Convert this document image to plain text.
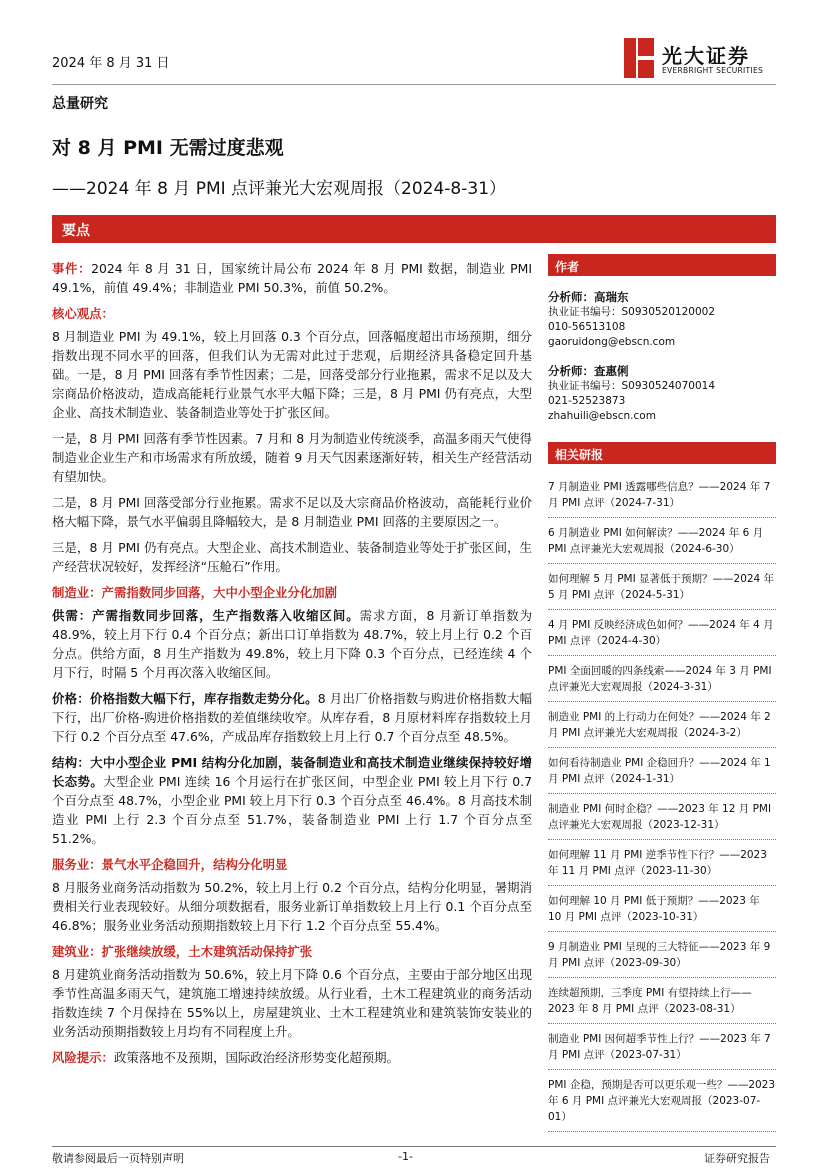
2024 年 8 月 31 日	光大证券
EVERBRIGHT SECURITIES
总量研究
对 8 月 PMI 无需过度悲观
——2024 年 8 月 PMI 点评兼光大宏观周报（2024-8-31）
要点
事件：2024 年 8 月 31 日，国家统计局公布 2024 年 8 月 PMI 数据，制造业 PMI 49.1%，前值 49.4%；非制造业 PMI 50.3%，前值 50.2%。
核心观点：
8 月制造业 PMI 为 49.1%，较上月回落 0.3 个百分点，回落幅度超出市场预期，细分指数出现不同水平的回落，但我们认为无需对此过于悲观，后期经济具备稳定回升基础。一是，8 月 PMI 回落有季节性因素；二是，回落受部分行业拖累，需求不足以及大宗商品价格波动，造成高能耗行业景气水平大幅下降；三是，8 月 PMI 仍有亮点，大型企业、高技术制造业、装备制造业等处于扩张区间。
一是，8 月 PMI 回落有季节性因素。7 月和 8 月为制造业传统淡季，高温多雨天气使得制造业企业生产和市场需求有所放缓，随着 9 月天气因素逐渐好转，相关生产经营活动有望加快。
二是，8 月 PMI 回落受部分行业拖累。需求不足以及大宗商品价格波动，高能耗行业价格大幅下降，景气水平偏弱且降幅较大，是 8 月制造业 PMI 回落的主要原因之一。
三是，8 月 PMI 仍有亮点。大型企业、高技术制造业、装备制造业等处于扩张区间，生产经营状况较好，发挥经济“压舱石”作用。
制造业：产需指数同步回落，大中小型企业分化加剧
供需：产需指数同步回落，生产指数落入收缩区间。需求方面，8 月新订单指数为 48.9%，较上月下行 0.4 个百分点；新出口订单指数为 48.7%，较上月上行 0.2 个百分点。供给方面，8 月生产指数为 49.8%，较上月下降 0.3 个百分点，已经连续 4 个月下行，时隔 5 个月再次落入收缩区间。
价格：价格指数大幅下行，库存指数走势分化。8 月出厂价格指数与购进价格指数大幅下行，出厂价格-购进价格指数的差值继续收窄。从库存看，8 月原材料库存指数较上月下行 0.2 个百分点至 47.6%，产成品库存指数较上月上行 0.7 个百分点至 48.5%。
结构：大中小型企业 PMI 结构分化加剧，装备制造业和高技术制造业继续保持较好增长态势。大型企业 PMI 连续 16 个月运行在扩张区间，中型企业 PMI 较上月下行 0.7 个百分点至 48.7%，小型企业 PMI 较上月下行 0.3 个百分点至 46.4%。8 月高技术制造业 PMI 上行 2.3 个百分点至 51.7%，装备制造业 PMI 上行 1.7 个百分点至 51.2%。
服务业：景气水平企稳回升，结构分化明显
8 月服务业商务活动指数为 50.2%，较上月上行 0.2 个百分点，结构分化明显，暑期消费相关行业表现较好。从细分项数据看，服务业新订单指数较上月上行 0.1 个百分点至 46.8%；服务业业务活动预期指数较上月下行 1.2 个百分点至 55.4%。
建筑业：扩张继续放缓，土木建筑活动保持扩张
8 月建筑业商务活动指数为 50.6%，较上月下降 0.6 个百分点，主要由于部分地区出现季节性高温多雨天气，建筑施工增速持续放缓。从行业看，土木工程建筑业的商务活动指数连续 7 个月保持在 55%以上，房屋建筑业、土木工程建筑业和建筑装饰安装业的业务活动预期指数较上月均有不同程度上升。
风险提示：政策落地不及预期，国际政治经济形势变化超预期。
作者
分析师：高瑞东
执业证书编号：S0930520120002
010-56513108
gaoruidong@ebscn.com
分析师：查惠俐
执业证书编号：S0930524070014
021-52523873
zhahuili@ebscn.com
相关研报
7 月制造业 PMI 透露哪些信息？——2024 年 7 月 PMI 点评（2024-7-31）
6 月制造业 PMI 如何解读？——2024 年 6 月 PMI 点评兼光大宏观周报（2024-6-30）
如何理解 5 月 PMI 显著低于预期？——2024 年 5 月 PMI 点评（2024-5-31）
4 月 PMI 反映经济成色如何？——2024 年 4 月 PMI 点评（2024-4-30）
PMI 全面回暖的四条线索——2024 年 3 月 PMI 点评兼光大宏观周报（2024-3-31）
制造业 PMI 的上行动力在何处？——2024 年 2 月 PMI 点评兼光大宏观周报（2024-3-2）
如何看待制造业 PMI 企稳回升？——2024 年 1 月 PMI 点评（2024-1-31）
制造业 PMI 何时企稳？——2023 年 12 月 PMI 点评兼光大宏观周报（2023-12-31）
如何理解 11 月 PMI 逆季节性下行？——2023 年 11 月 PMI 点评（2023-11-30）
如何理解 10 月 PMI 低于预期？——2023 年 10 月 PMI 点评（2023-10-31）
9 月制造业 PMI 呈现的三大特征——2023 年 9 月 PMI 点评（2023-09-30）
连续超预期，三季度 PMI 有望持续上行——2023 年 8 月 PMI 点评（2023-08-31）
制造业 PMI 因何超季节性上行？——2023 年 7 月 PMI 点评（2023-07-31）
PMI 企稳，预期是否可以更乐观一些？——2023 年 6 月 PMI 点评兼光大宏观周报（2023-07-01）
敬请参阅最后一页特别声明	-1-	证券研究报告
